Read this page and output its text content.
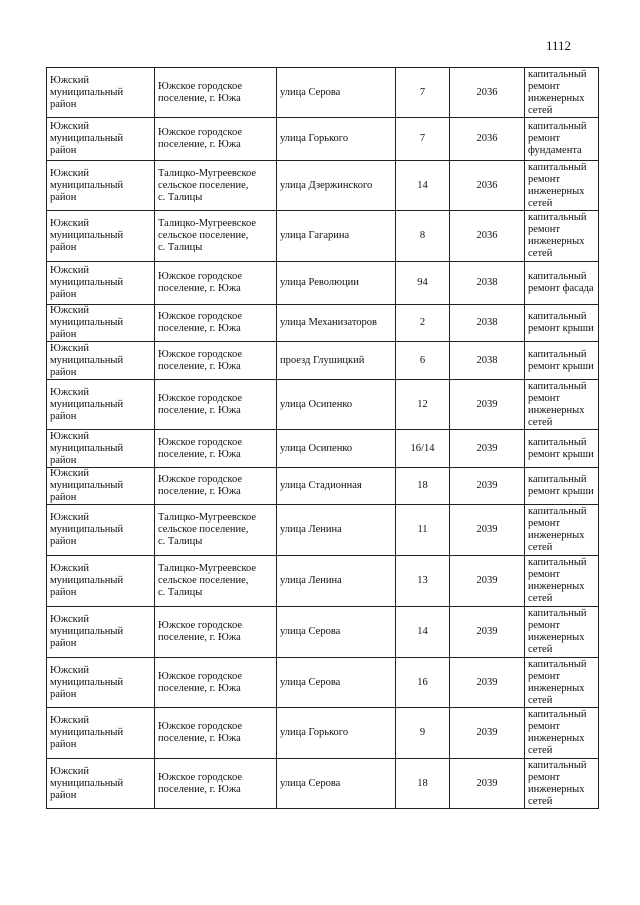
1112
Южский
муниципальный
район	Южское городское
поселение, г. Южа	улица Серова	7	2036	капитальный
ремонт
инженерных
сетей

Южский
муниципальный
район	Южское городское
поселение, г. Южа	улица Горького	7	2036	капитальный
ремонт
фундамента

Южский
муниципальный
район	Талицко-Мугреевское
сельское поселение,
с. Талицы	улица Дзержинского	14	2036	капитальный
ремонт
инженерных
сетей

Южский
муниципальный
район	Талицко-Мугреевское
сельское поселение,
с. Талицы	улица Гагарина	8	2036	капитальный
ремонт
инженерных
сетей

Южский
муниципальный
район	Южское городское
поселение, г. Южа	улица Революции	94	2038	капитальный
ремонт фасада

Южский
муниципальный
район	Южское городское
поселение, г. Южа	улица Механизаторов	2	2038	капитальный
ремонт крыши

Южский
муниципальный
район	Южское городское
поселение, г. Южа	проезд Глушицкий	6	2038	капитальный
ремонт крыши

Южский
муниципальный
район	Южское городское
поселение, г. Южа	улица Осипенко	12	2039	капитальный
ремонт
инженерных
сетей

Южский
муниципальный
район	Южское городское
поселение, г. Южа	улица Осипенко	16/14	2039	капитальный
ремонт крыши

Южский
муниципальный
район	Южское городское
поселение, г. Южа	улица Стадионная	18	2039	капитальный
ремонт крыши

Южский
муниципальный
район	Талицко-Мугреевское
сельское поселение,
с. Талицы	улица Ленина	11	2039	капитальный
ремонт
инженерных
сетей

Южский
муниципальный
район	Талицко-Мугреевское
сельское поселение,
с. Талицы	улица Ленина	13	2039	капитальный
ремонт
инженерных
сетей

Южский
муниципальный
район	Южское городское
поселение, г. Южа	улица Серова	14	2039	капитальный
ремонт
инженерных
сетей

Южский
муниципальный
район	Южское городское
поселение, г. Южа	улица Серова	16	2039	капитальный
ремонт
инженерных
сетей

Южский
муниципальный
район	Южское городское
поселение, г. Южа	улица Горького	9	2039	капитальный
ремонт
инженерных
сетей

Южский
муниципальный
район	Южское городское
поселение, г. Южа	улица Серова	18	2039	капитальный
ремонт
инженерных
сетей
